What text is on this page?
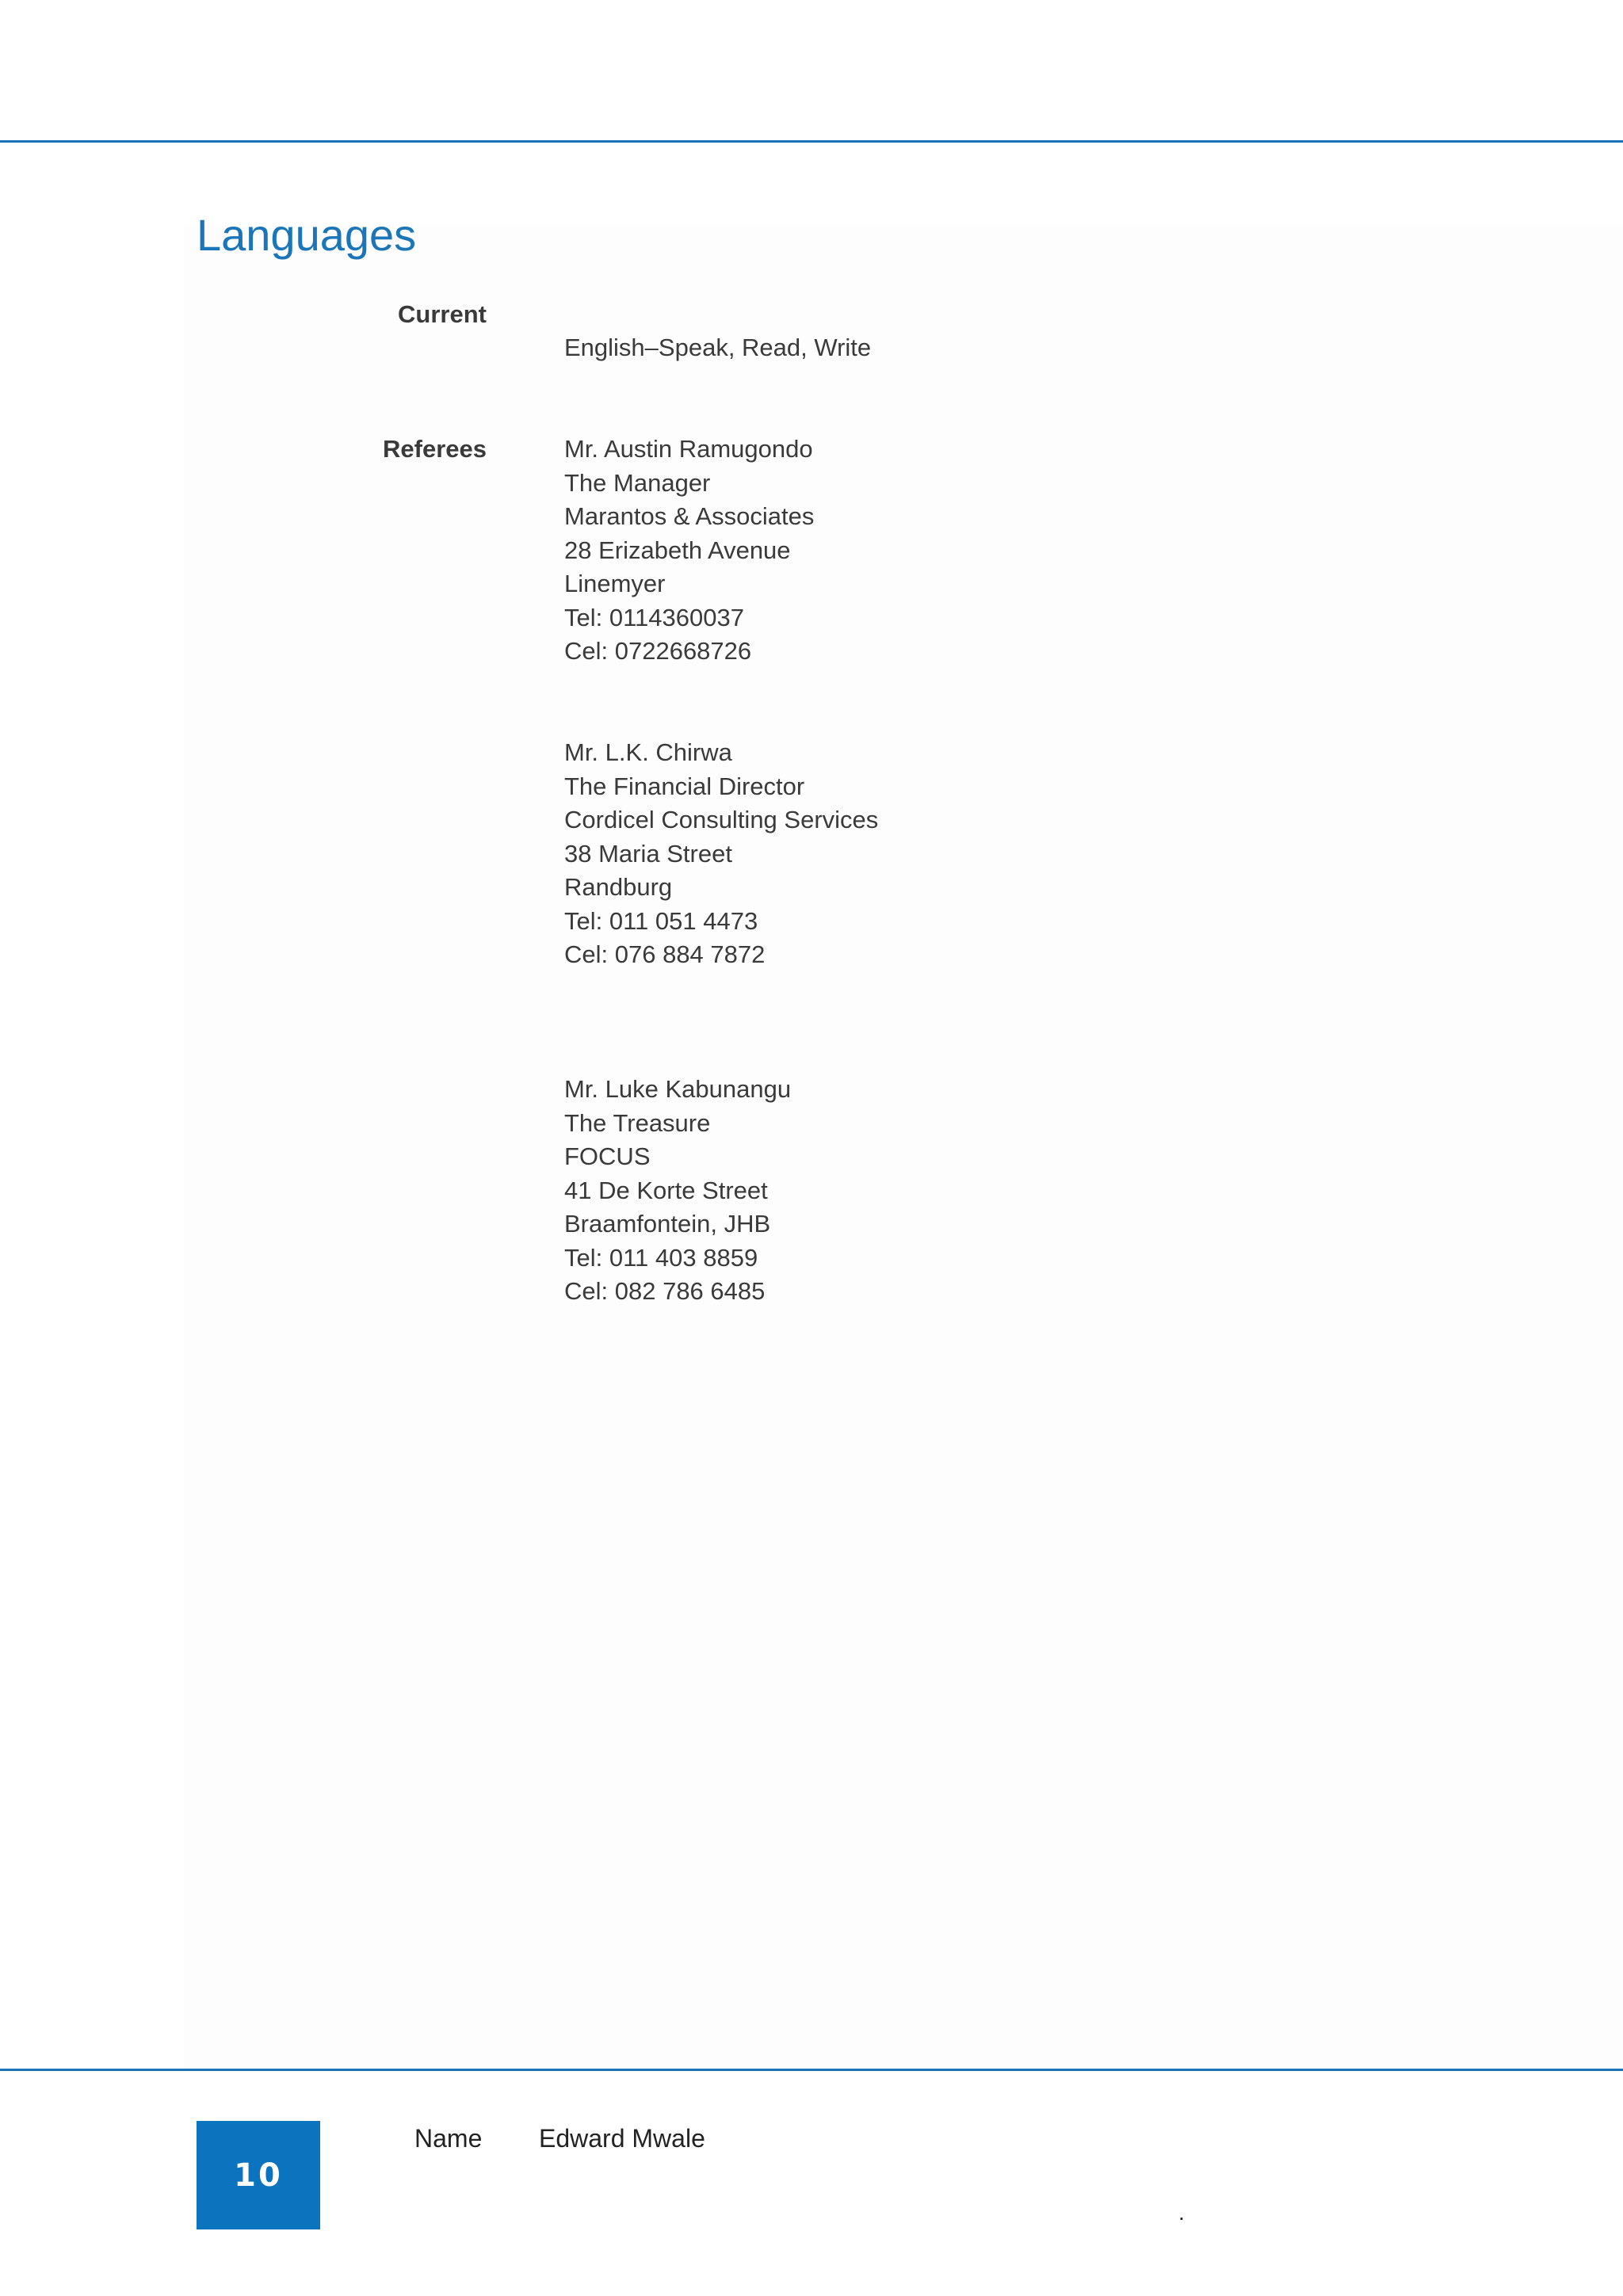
Languages
Current
English–Speak, Read, Write
Referees	Mr. Austin Ramugondo
The Manager
Marantos & Associates
28 Erizabeth Avenue
Linemyer
Tel: 0114360037
Cel: 0722668726
Mr. L.K. Chirwa
The Financial Director
Cordicel Consulting Services
38 Maria Street
Randburg
Tel: 011 051 4473
Cel: 076 884 7872
Mr. Luke Kabunangu
The Treasure
FOCUS
41 De Korte Street
Braamfontein, JHB
Tel: 011 403 8859
Cel: 082 786 6485
10
Name Edward Mwale
.
